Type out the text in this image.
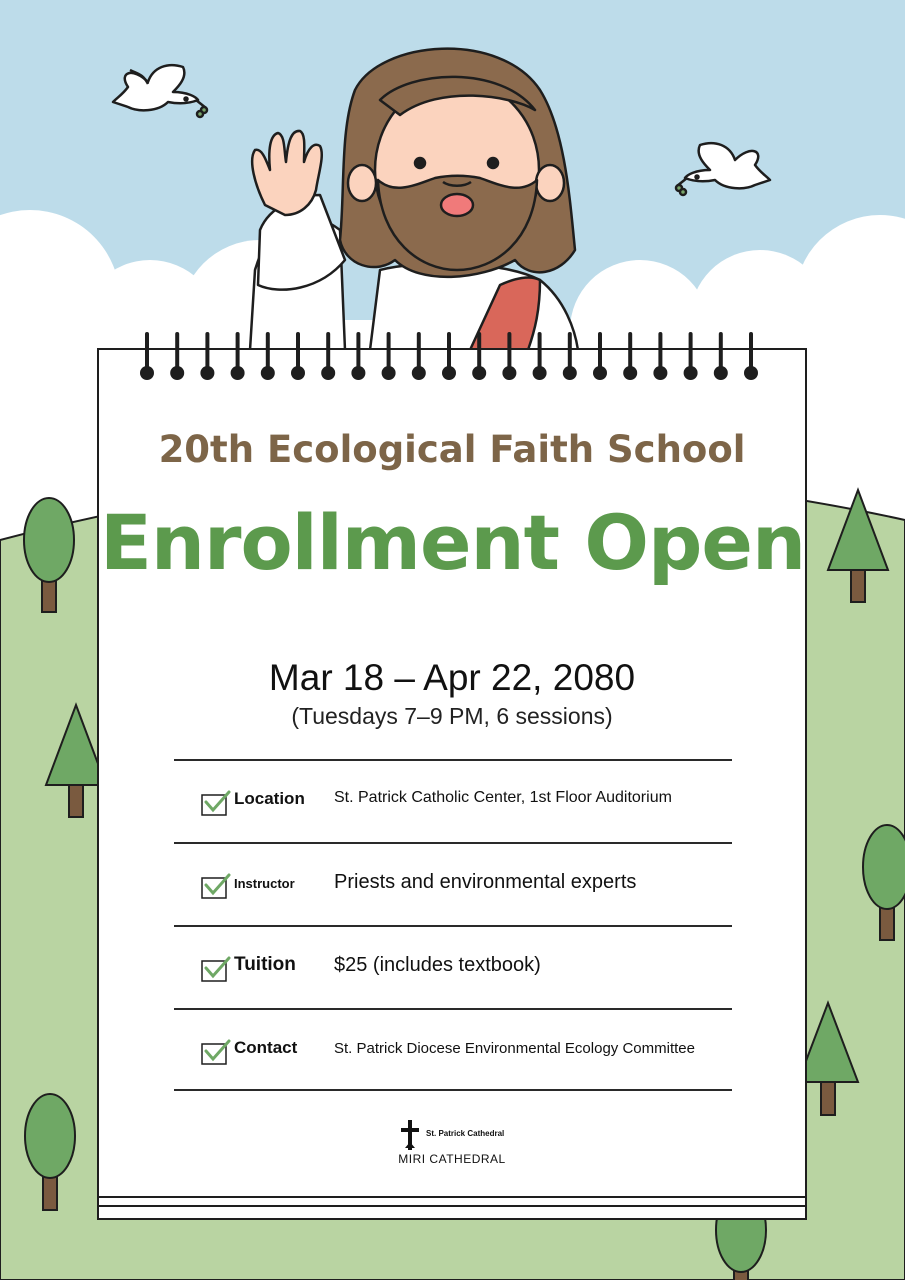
20th Ecological Faith School
Enrollment Open
Mar 18 – Apr 22, 2080
(Tuesdays 7–9 PM, 6 sessions)
Location St. Patrick Catholic Center, 1st Floor Auditorium
Instructor Priests and environmental experts
Tuition $25 (includes textbook)
Contact St. Patrick Diocese Environmental Ecology Committee
St. Patrick Cathedral
MIRI CATHEDRAL
